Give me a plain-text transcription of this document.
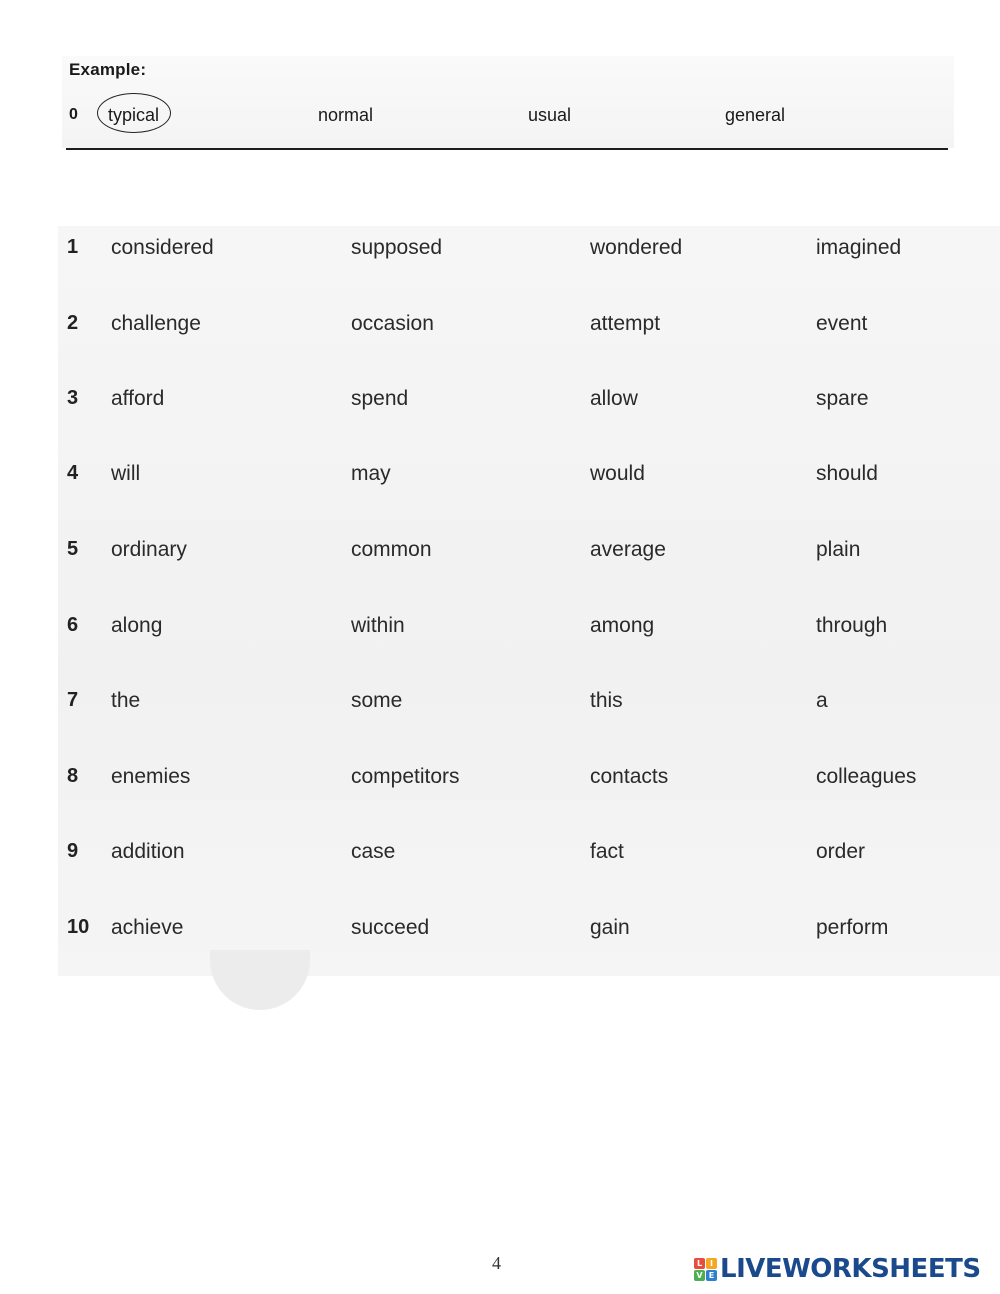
Example:
0 typical	normal	usual	general
1 considered	supposed	wondered	imagined
2 challenge	occasion	attempt	event
3 afford	spend	allow	spare
4 will	may	would	should
5 ordinary	common	average	plain
6 along	within	among	through
7 the	some	this	a
8 enemies	competitors	contacts	colleagues
9 addition	case	fact	order
10 achieve	succeed	gain	perform
4	L I
V E LIVEWORKSHEETS
